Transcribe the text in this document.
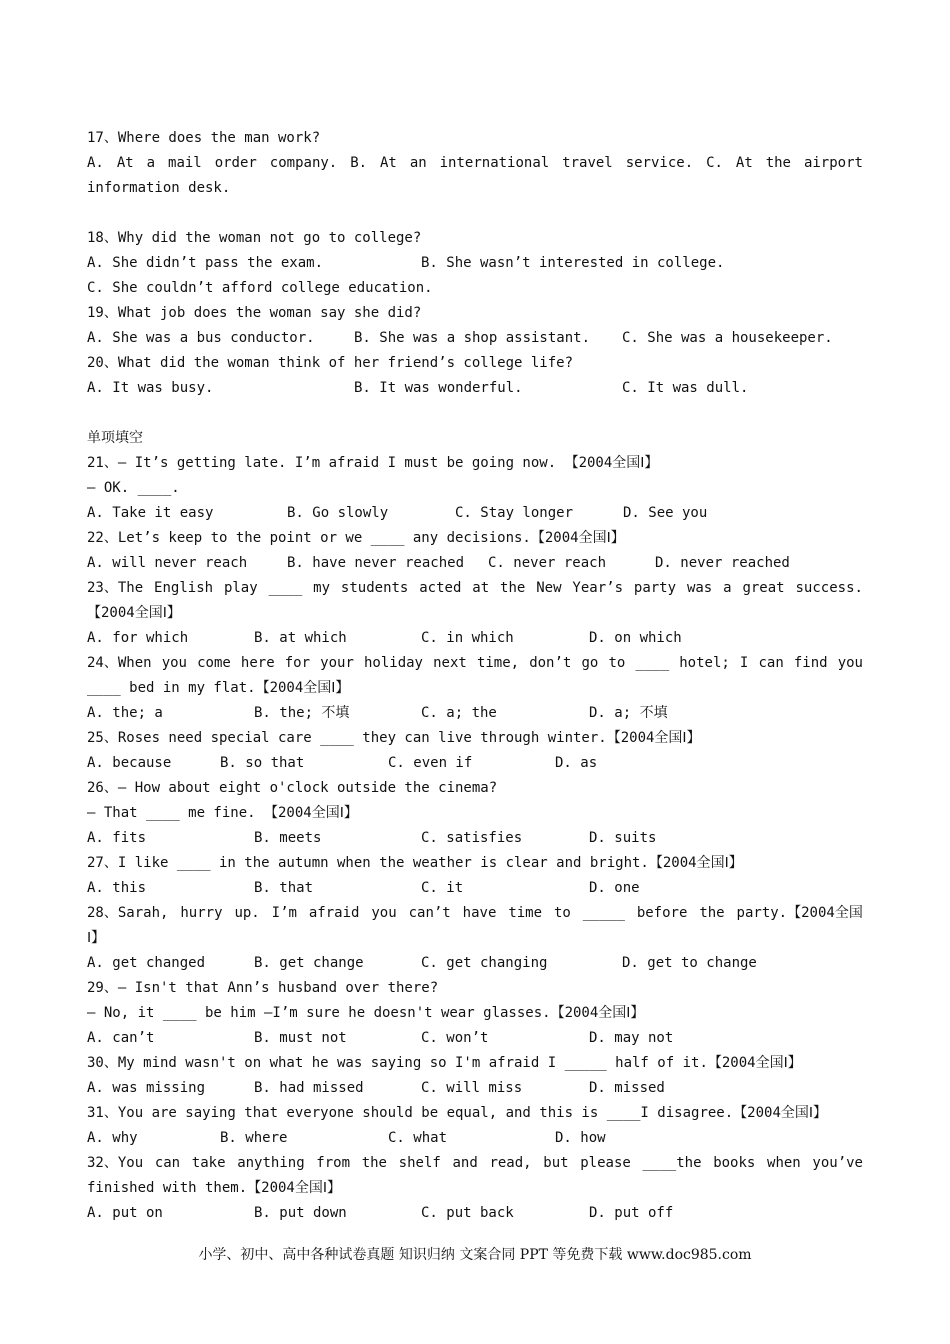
17、Where does the man work?
A. At a mail order company. B. At an international travel service. C. At the airport
information desk.
18、Why did the woman not go to college?
A. She didn’t pass the exam.	B. She wasn’t interested in college.
C. She couldn’t afford college education.
19、What job does the woman say she did?
A. She was a bus conductor.	B. She was a shop assistant.	C. She was a housekeeper.
20、What did the woman think of her friend’s college life?
A. It was busy.	B. It was wonderful.	C. It was dull.
单项填空
21、— It’s getting late. I’m afraid I must be going now. 【2004全国Ⅰ】
— OK. ____.
A. Take it easy	B. Go slowly	C. Stay longer	D. See you
22、Let’s keep to the point or we ____ any decisions.【2004全国Ⅰ】
A. will never reach	B. have never reached	C. never reach	D. never reached
23、The English play ____ my students acted at the New Year’s party was a great success.
【2004全国Ⅰ】
A. for which	B. at which	C. in which	D. on which
24、When you come here for your holiday next time, don’t go to ____ hotel; I can find you
____ bed in my flat.【2004全国Ⅰ】
A. the; a	B. the; 不填	C. a; the	D. a; 不填
25、Roses need special care ____ they can live through winter.【2004全国Ⅰ】
A. because	B. so that	C. even if	D. as
26、— How about eight o'clock outside the cinema?
— That ____ me fine. 【2004全国Ⅰ】
A. fits	B. meets	C. satisfies	D. suits
27、I like ____ in the autumn when the weather is clear and bright.【2004全国Ⅰ】
A. this	B. that	C. it	D. one
28、Sarah, hurry up. I’m afraid you can’t have time to _____ before the party.【2004全国
Ⅰ】
A. get changed	B. get change	C. get changing	D. get to change
29、— Isn't that Ann’s husband over there?
— No, it ____ be him —I’m sure he doesn't wear glasses.【2004全国Ⅰ】
A. can’t	B. must not	C. won’t	D. may not
30、My mind wasn't on what he was saying so I'm afraid I _____ half of it.【2004全国Ⅰ】
A. was missing	B. had missed	C. will miss	D. missed
31、You are saying that everyone should be equal, and this is ____I disagree.【2004全国Ⅰ】
A. why	B. where	C. what	D. how
32、You can take anything from the shelf and read, but please ____the books when you’ve
finished with them.【2004全国Ⅰ】
A. put on	B. put down	C. put back	D. put off
小学、初中、高中各种试卷真题 知识归纳 文案合同 PPT 等免费下载 www.doc985.com
